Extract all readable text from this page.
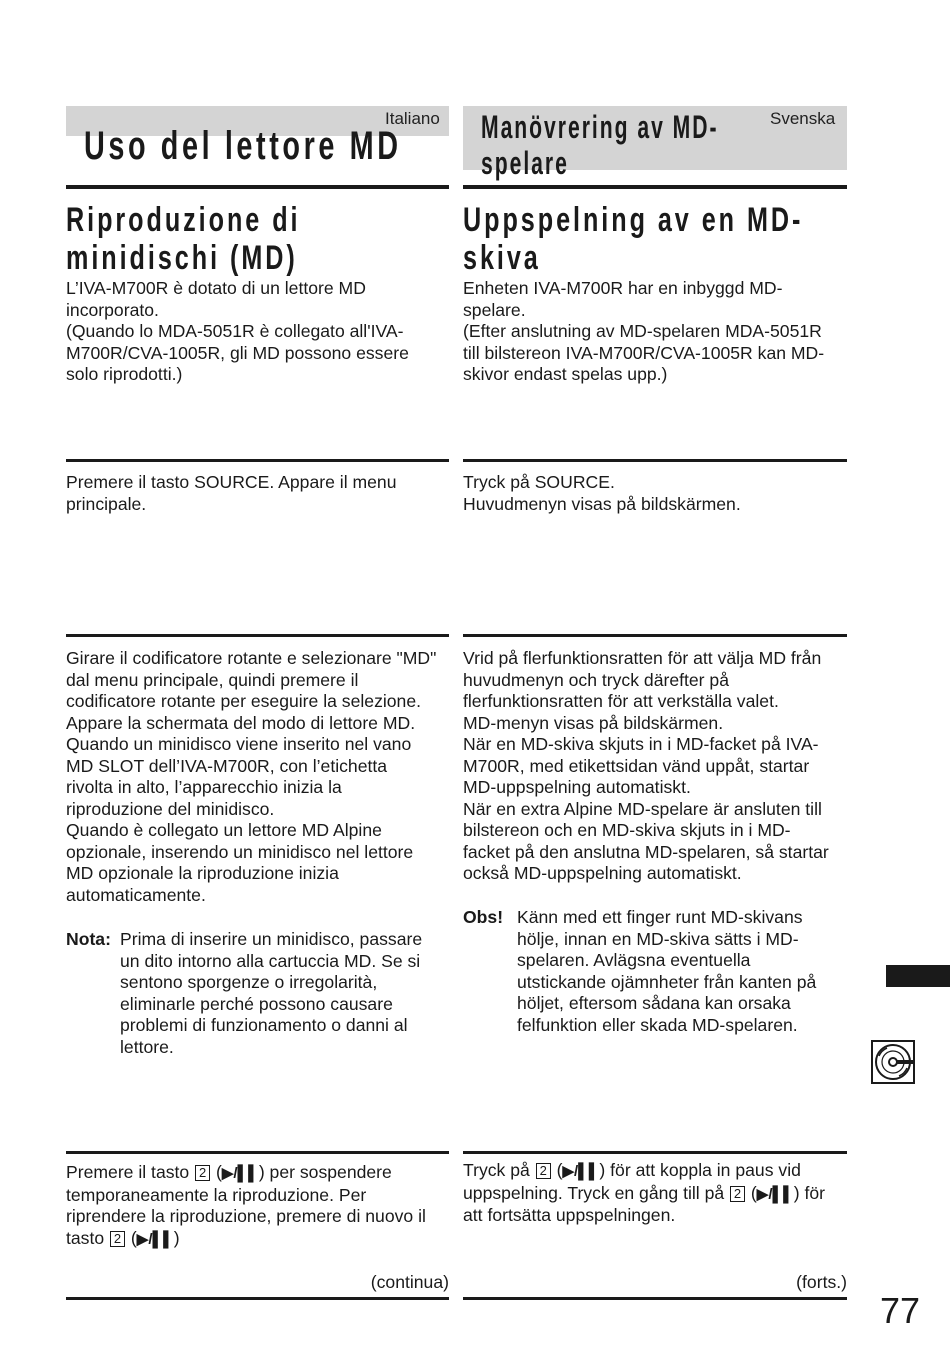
Italiano	Svenska
Uso del lettore MD Manövrering av MD-
spelare
Riproduzione di
minidischi (MD)
Uppspelning av en MD-
skiva

L’IVA-M700R è dotato di un lettore MD

incorporato.

(Quando lo MDA-5051R è collegato all'IVA-

M700R/CVA-1005R, gli MD possono essere

solo riprodotti.)

Enheten IVA-M700R har en inbyggd MD-

spelare.

(Efter anslutning av MD-spelaren MDA-5051R

till bilstereon IVA-M700R/CVA-1005R kan MD-

skivor endast spelas upp.)

Premere il tasto SOURCE. Appare il menu

principale.

Tryck på SOURCE.

Huvudmenyn visas på bildskärmen.

Girare il codificatore rotante e selezionare "MD"

dal menu principale, quindi premere il

codificatore rotante per eseguire la selezione.

Appare la schermata del modo di lettore MD.

Quando un minidisco viene inserito nel vano

MD SLOT dell’IVA-M700R, con l’etichetta

rivolta in alto, l’apparecchio inizia la

riproduzione del minidisco.

Quando è collegato un lettore MD Alpine

opzionale, inserendo un minidisco nel lettore

MD opzionale la riproduzione inizia

automaticamente.

Nota: Prima di inserire un minidisco, passare

un dito intorno alla cartuccia MD. Se si

sentono sporgenze o irregolarità,

eliminarle perché possono causare

problemi di funzionamento o danni al

lettore.

Vrid på flerfunktionsratten för att välja MD från

huvudmenyn och tryck därefter på

flerfunktionsratten för att verkställa valet.

MD-menyn visas på bildskärmen.

När en MD-skiva skjuts in i MD-facket på IVA-

M700R, med etikettsidan vänd uppåt, startar

MD-uppspelning automatiskt.

När en extra Alpine MD-spelare är ansluten till

bilstereon och en MD-skiva skjuts in i MD-

facket på den anslutna MD-spelaren, så startar

också MD-uppspelning automatiskt.

Obs! Känn med ett finger runt MD-skivans

hölje, innan en MD-skiva sätts i MD-

spelaren. Avlägsna eventuella

utstickande ojämnheter från kanten på

höljet, eftersom sådana kan orsaka

felfunktion eller skada MD-spelaren.

Premere il tasto 2 (▶/▌▌) per sospendere

temporaneamente la riproduzione. Per

riprendere la riproduzione, premere di nuovo il

tasto 2 (▶/▌▌)

Tryck på 2 (▶/▌▌) för att koppla in paus vid

uppspelning. Tryck en gång till på 2 (▶/▌▌) för

att fortsätta uppspelningen.

(continua)	(forts.)
77
